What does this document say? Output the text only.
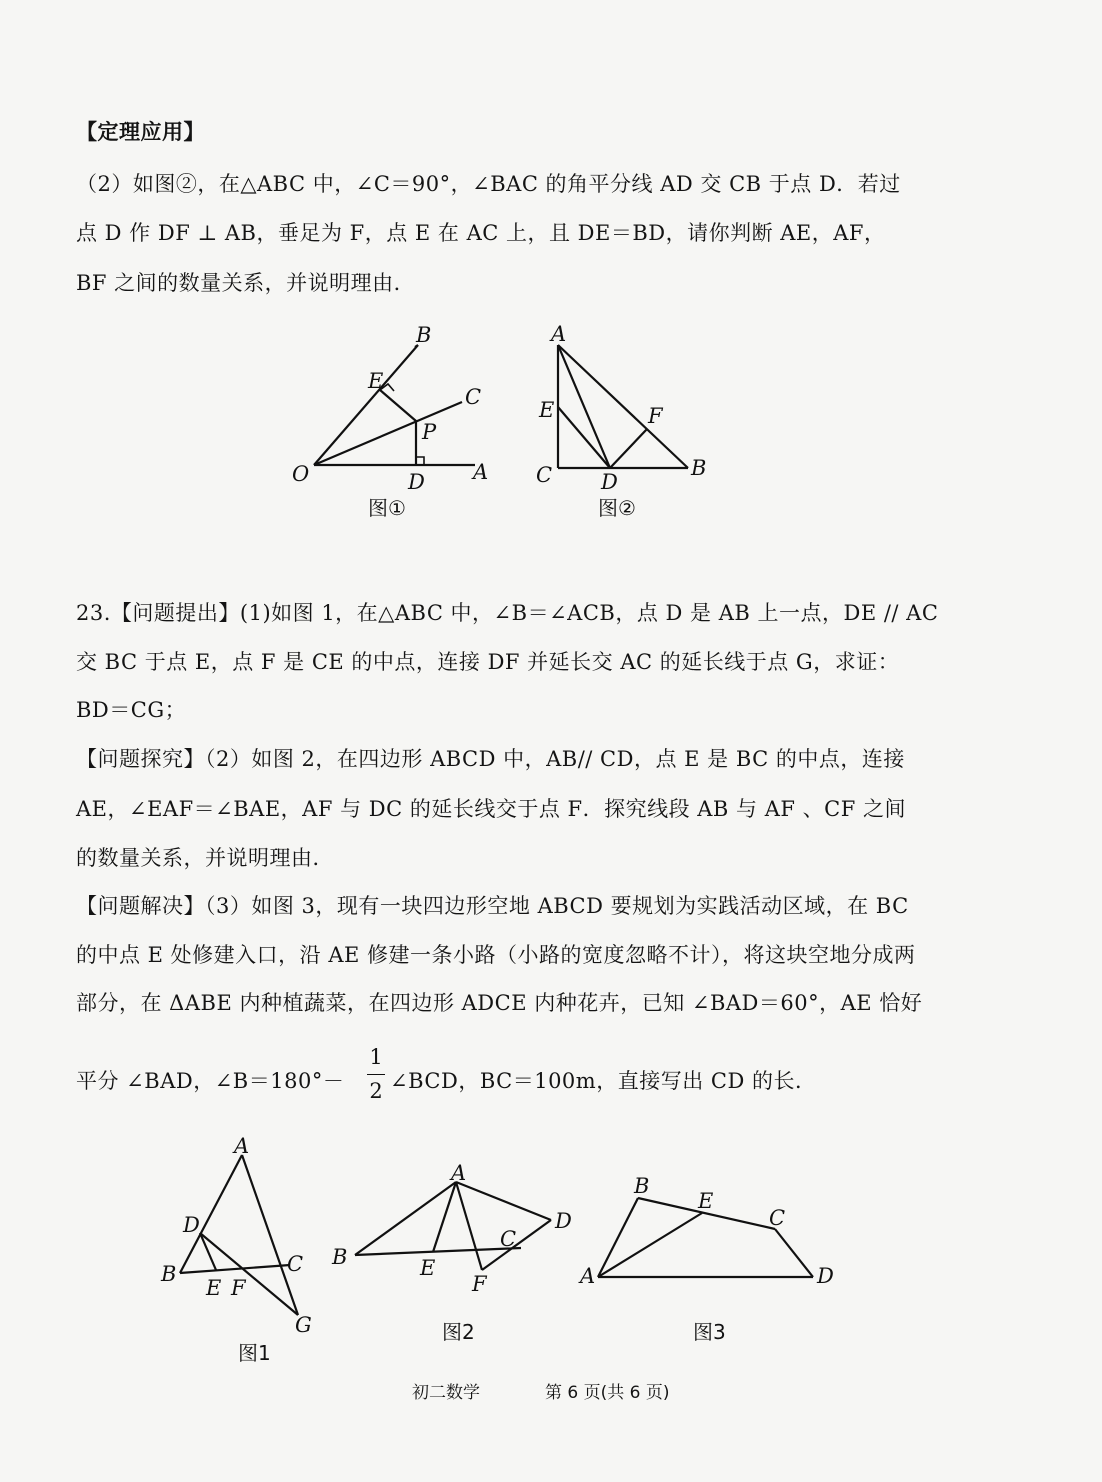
【定理应用】
（2）如图②，在△ABC 中，∠C＝90°，∠BAC 的角平分线 AD 交 CB 于点 D．若过
点 D 作 DF ⊥ AB，垂足为 F，点 E 在 AC 上，且 DE＝BD，请你判断 AE，AF，
BF 之间的数量关系，并说明理由．
B
E
C
P
O	D A
图①
A
E	F
C D
B
图②
23.【问题提出】(1)如图 1，在△ABC 中，∠B＝∠ACB，点 D 是 AB 上一点，DE // AC
交 BC 于点 E，点 F 是 CE 的中点，连接 DF 并延长交 AC 的延长线于点 G，求证：
BD＝CG；
【问题探究】（2）如图 2，在四边形 ABCD 中，AB// CD，点 E 是 BC 的中点，连接
AE，∠EAF＝∠BAE，AF 与 DC 的延长线交于点 F．探究线段 AB 与 AF 、CF 之间
的数量关系，并说明理由．
【问题解决】（3）如图 3，现有一块四边形空地 ABCD 要规划为实践活动区域，在 BC
的中点 E 处修建入口，沿 AE 修建一条小路（小路的宽度忽略不计），将这块空地分成两
部分，在 ΔABE 内种植蔬菜，在四边形 ADCE 内种花卉，已知 ∠BAD＝60°，AE 恰好
平分 ∠BAD，∠B＝180°－
1
2 ∠BCD，BC＝100m，直接写出 CD 的长．
A
D
B
E F
C
G
图1
A
B	E
F
C
D
图2
B
E
C
A	D
图3
初二数学	第 6 页(共 6 页)
